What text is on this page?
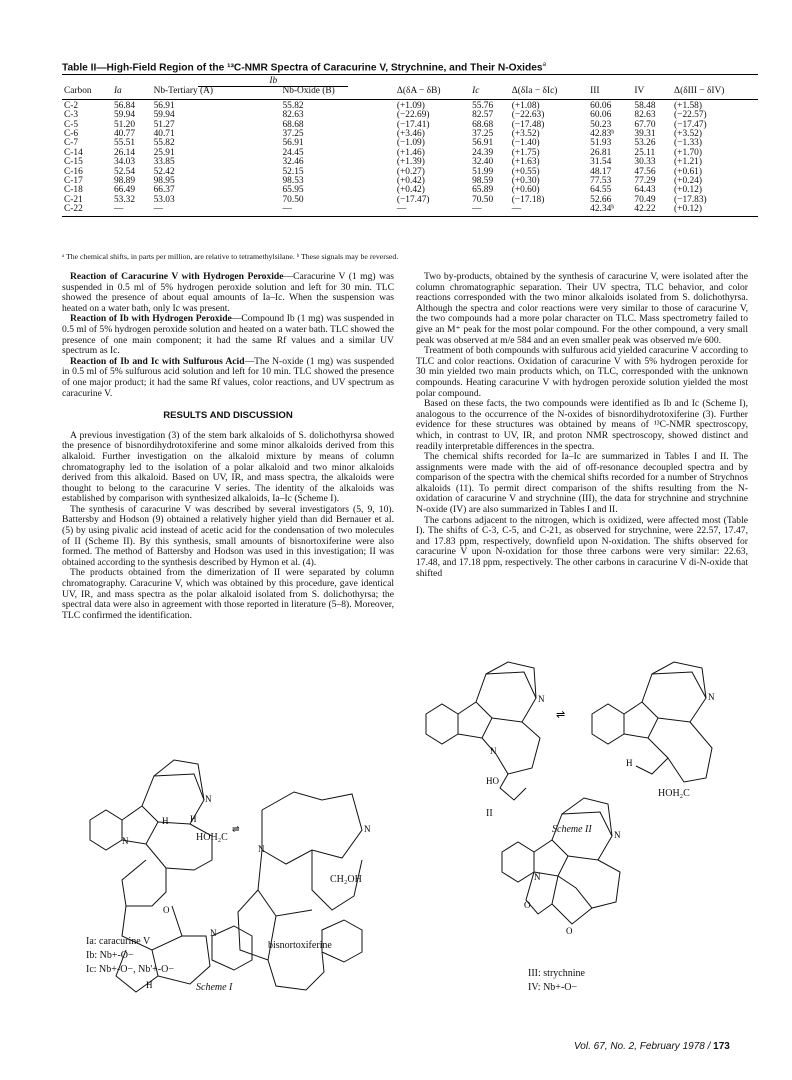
Table II—High-Field Region of the ¹³C-NMR Spectra of Caracurine V, Strychnine, and Their N-Oxides$^a$
		Ib							
Carbon	Ia	Nb-Tertiary (A)	Nb-Oxide (B)	Δ(δA − δB)	Ic	Δ(δIa − δIc)	III	IV	Δ(δIII − δIV)
C-2	56.84	56.91	55.82	(+1.09)	55.76	(+1.08)	60.06	58.48	(+1.58)
C-3	59.94	59.94	82.63	(−22.69)	82.57	(−22.63)	60.06	82.63	(−22.57)
C-5	51.20	51.27	68.68	(−17.41)	68.68	(−17.48)	50.23	67.70	(−17.47)
C-6	40.77	40.71	37.25	(+3.46)	37.25	(+3.52)	42.83ᵇ	39.31	(+3.52)
C-7	55.51	55.82	56.91	(−1.09)	56.91	(−1.40)	51.93	53.26	(−1.33)
C-14	26.14	25.91	24.45	(+1.46)	24.39	(+1.75)	26.81	25.11	(+1.70)
C-15	34.03	33.85	32.46	(+1.39)	32.40	(+1.63)	31.54	30.33	(+1.21)
C-16	52.54	52.42	52.15	(+0.27)	51.99	(+0.55)	48.17	47.56	(+0.61)
C-17	98.89	98.95	98.53	(+0.42)	98.59	(+0.30)	77.53	77.29	(+0.24)
C-18	66.49	66.37	65.95	(+0.42)	65.89	(+0.60)	64.55	64.43	(+0.12)
C-21	53.32	53.03	70.50	(−17.47)	70.50	(−17.18)	52.66	70.49	(−17.83)
C-22	—	—	—	—	—	—	42.34ᵇ	42.22	(+0.12)
ᵃ The chemical shifts, in parts per million, are relative to tetramethylsilane. ᵇ These signals may be reversed.

Reaction of Caracurine V with Hydrogen Peroxide—Caracurine V (1 mg) was suspended in 0.5 ml of 5% hydrogen peroxide solution and left for 30 min. TLC showed the presence of about equal amounts of Ia–Ic. When the suspension was heated on a water bath, only Ic was present.

Reaction of Ib with Hydrogen Peroxide—Compound Ib (1 mg) was suspended in 0.5 ml of 5% hydrogen peroxide solution and heated on a water bath. TLC showed the presence of one main component; it had the same Rf values and a similar UV spectrum as Ic.

Reaction of Ib and Ic with Sulfurous Acid—The N-oxide (1 mg) was suspended in 0.5 ml of 5% sulfurous acid solution and left for 10 min. TLC showed the presence of one major product; it had the same Rf values, color reactions, and UV spectrum as caracurine V.

RESULTS AND DISCUSSION

A previous investigation (3) of the stem bark alkaloids of S. dolichothyrsa showed the presence of bisnordihydrotoxiferine and some minor alkaloids derived from this alkaloid. Further investigation on the alkaloid mixture by means of column chromatography led to the isolation of a polar alkaloid and two minor alkaloids derived from this alkaloid. Based on UV, IR, and mass spectra, the alkaloids were thought to belong to the caracurine V series. The identity of the alkaloids was established by comparison with synthesized alkaloids, Ia–Ic (Scheme I).

The synthesis of caracurine V was described by several investigators (5, 9, 10). Battersby and Hodson (9) obtained a relatively higher yield than did Bernauer et al. (5) by using pivalic acid instead of acetic acid for the condensation of two molecules of II (Scheme II). By this synthesis, small amounts of bisnortoxiferine were also formed. The method of Battersby and Hodson was used in this investigation; II was obtained according to the synthesis described by Hymon et al. (4).

The products obtained from the dimerization of II were separated by column chromatography. Caracurine V, which was obtained by this procedure, gave identical UV, IR, and mass spectra as the polar alkaloid isolated from S. dolichothyrsa; the spectral data were also in agreement with those reported in literature (5–8). Moreover, TLC confirmed the identification.

Two by-products, obtained by the synthesis of caracurine V, were isolated after the column chromatographic separation. Their UV spectra, TLC behavior, and color reactions corresponded with the two minor alkaloids isolated from S. dolichothyrsa. Although the spectra and color reactions were very similar to those of caracurine V, the two compounds had a more polar character on TLC. Mass spectrometry failed to give an M⁺ peak for the most polar compound. For the other compound, a very small peak was observed at m/e 584 and an even smaller peak was observed m/e 600.

Treatment of both compounds with sulfurous acid yielded caracurine V according to TLC and color reactions. Oxidation of caracurine V with 5% hydrogen peroxide for 30 min yielded two main products which, on TLC, corresponded with the unknown compounds. Heating caracurine V with hydrogen peroxide solution yielded the most polar compound.

Based on these facts, the two compounds were identified as Ib and Ic (Scheme I), analogous to the occurrence of the N-oxides of bisnordihydrotoxiferine (3). Further evidence for these structures was obtained by means of ¹³C-NMR spectroscopy, which, in contrast to UV, IR, and proton NMR spectroscopy, showed distinct and readily interpretable differences in the spectra.

The chemical shifts recorded for Ia–Ic are summarized in Tables I and II. The assignments were made with the aid of off-resonance decoupled spectra and by comparison of the spectra with the chemical shifts recorded for a number of Strychnos alkaloids (11). To permit direct comparison of the shifts resulting from the N-oxidation of caracurine V and strychnine (III), the data for strychnine and strychnine N-oxide (IV) are also summarized in Tables I and II.

The carbons adjacent to the nitrogen, which is oxidized, were affected most (Table I). The shifts of C-3, C-5, and C-21, as observed for strychnine, were 22.57, 17.47, and 17.83 ppm, respectively, downfield upon N-oxidation. The shifts observed for caracurine V upon N-oxidation for those three carbons were very similar: 22.63, 17.48, and 17.18 ppm, respectively. The other carbons in caracurine V di-N-oxide that shifted

H H
N
N
O
N
H
N
N
⇌
HOH₂C
CH₂OH
Ia: caracurine V
Ib: Nb+-O−
Ic: Nb+-O−, Nb'+-O−
bisnortoxiferine
Scheme I
N
N
HO
⇌
N
H
N
N
O
O
HOH₂C
II
Scheme II
III: strychnine
IV: Nb+-O−
Vol. 67, No. 2, February 1978 / 173
